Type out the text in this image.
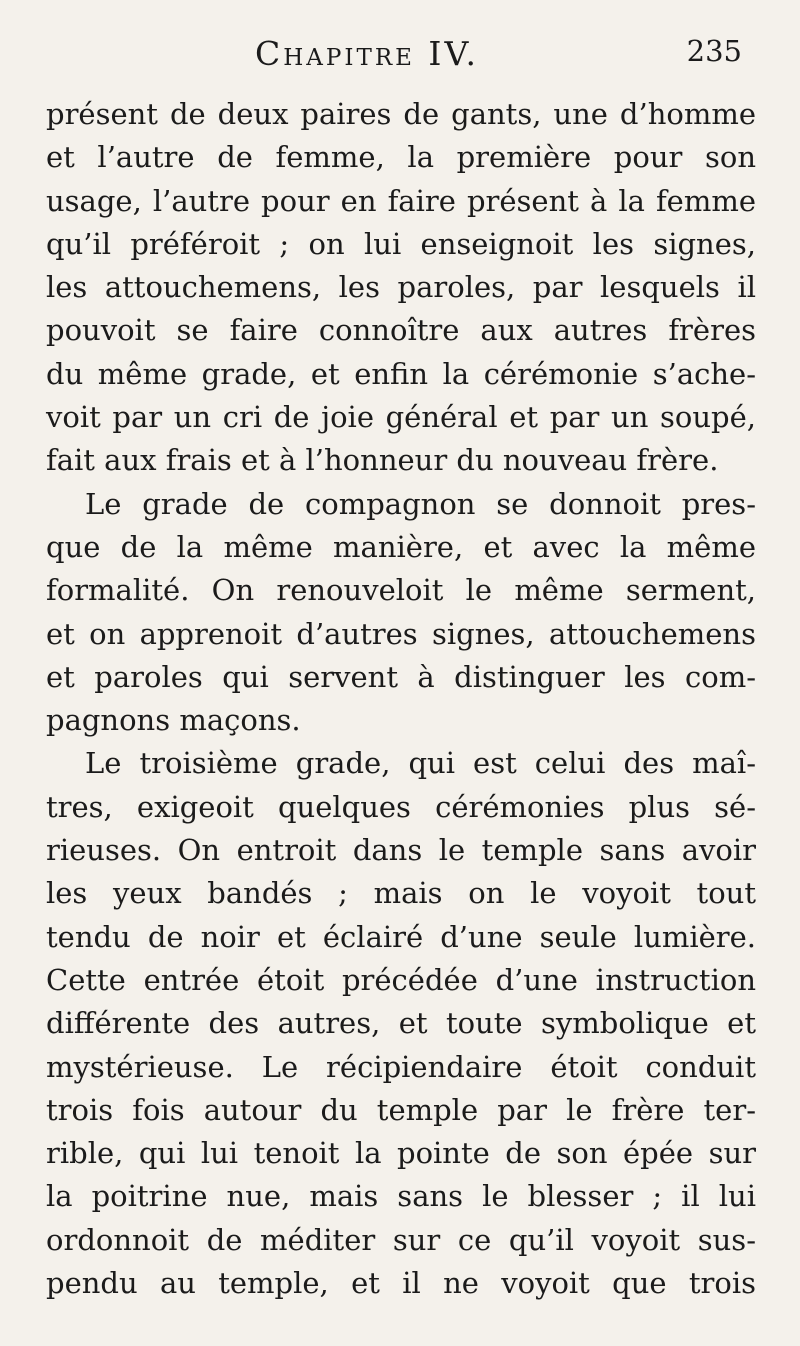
Chapitre IV.	235
présent de deux paires de gants, une d’homme
et l’autre de femme, la première pour son
usage, l’autre pour en faire présent à la femme
qu’il préféroit ; on lui enseignoit les signes,
les attouchemens, les paroles, par lesquels il
pouvoit se faire connoître aux autres frères
du même grade, et enfin la cérémonie s’ache-
voit par un cri de joie général et par un soupé,
fait aux frais et à l’honneur du nouveau frère.
Le grade de compagnon se donnoit pres-
que de la même manière, et avec la même
formalité. On renouveloit le même serment,
et on apprenoit d’autres signes, attouchemens
et paroles qui servent à distinguer les com-
pagnons maçons.
Le troisième grade, qui est celui des maî-
tres, exigeoit quelques cérémonies plus sé-
rieuses. On entroit dans le temple sans avoir
les yeux bandés ; mais on le voyoit tout
tendu de noir et éclairé d’une seule lumière.
Cette entrée étoit précédée d’une instruction
différente des autres, et toute symbolique et
mystérieuse. Le récipiendaire étoit conduit
trois fois autour du temple par le frère ter-
rible, qui lui tenoit la pointe de son épée sur
la poitrine nue, mais sans le blesser ; il lui
ordonnoit de méditer sur ce qu’il voyoit sus-
pendu au temple, et il ne voyoit que trois
